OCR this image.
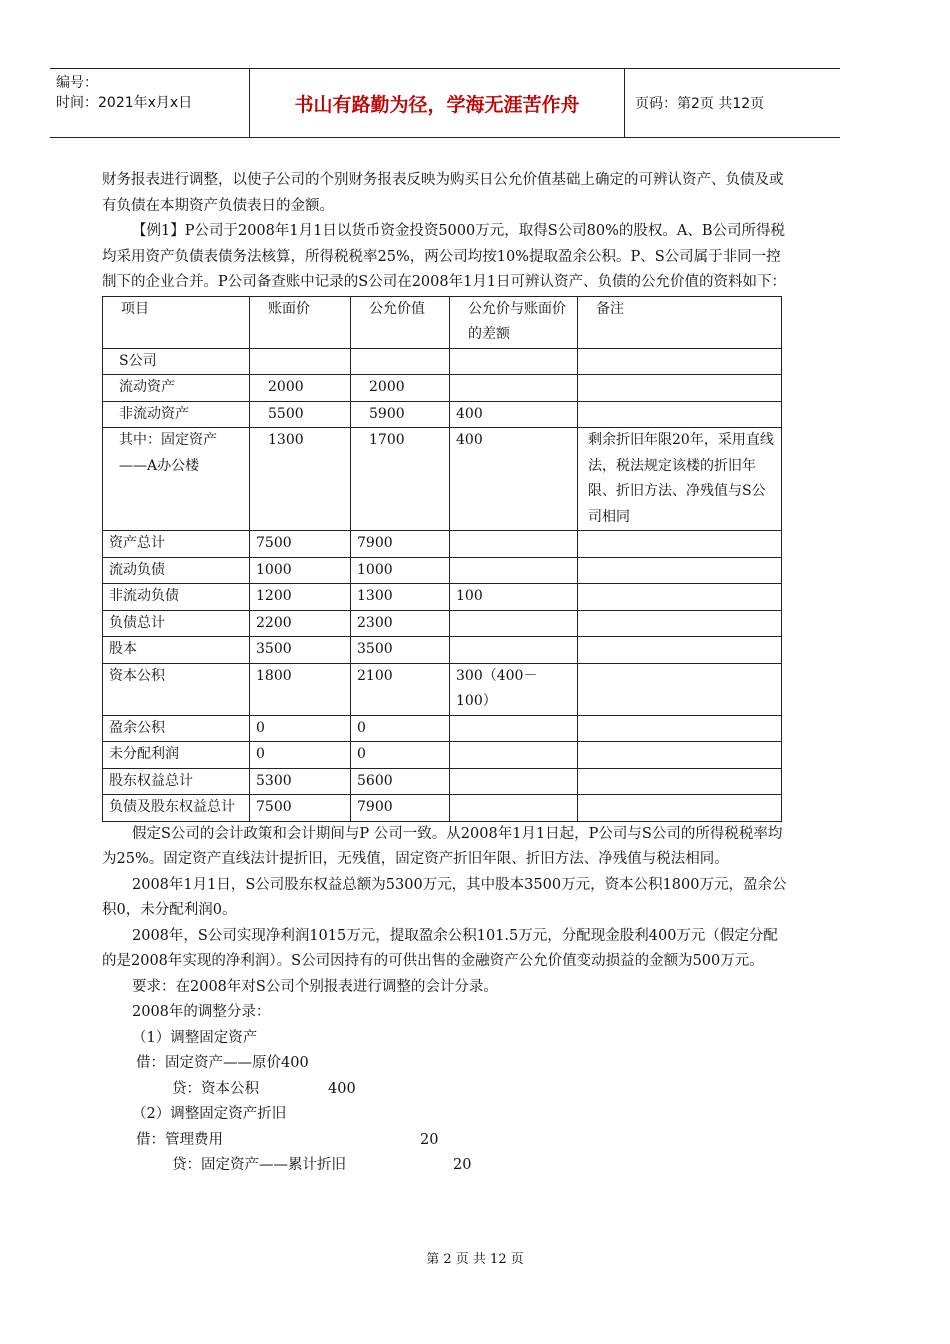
编号：
时间：2021年x月x日	书山有路勤为径，学海无涯苦作舟	页码：第2页 共12页

财务报表进行调整，以使子公司的个别财务报表反映为购买日公允价值基础上确定的可辨认资产、负债及或有负债在本期资产负债表日的金额。

【例1】P公司于2008年1月1日以货币资金投资5000万元，取得S公司80%的股权。A、B公司所得税均采用资产负债表债务法核算，所得税税率25%，两公司均按10%提取盈余公积。P、S公司属于非同一控制下的企业合并。P公司备查账中记录的S公司在2008年1月1日可辨认资产、负债的公允价值的资料如下：

项目	账面价	公允价值	公允价与账面价的差额	备注
S公司				
流动资产	2000	2000		
非流动资产	5500	5900	400	
其中：固定资产——A办公楼	1300	1700	400	剩余折旧年限20年，采用直线法，税法规定该楼的折旧年限、折旧方法、净残值与S公司相同
资产总计	7500	7900		
流动负债	1000	1000		
非流动负债	1200	1300	100	
负债总计	2200	2300		
股本	3500	3500		
资本公积	1800	2100	300（400－100）	
盈余公积	0	0		
未分配利润	0	0		
股东权益总计	5300	5600		
负债及股东权益总计	7500	7900		

假定S公司的会计政策和会计期间与P 公司一致。从2008年1月1日起，P公司与S公司的所得税税率均为25%。固定资产直线法计提折旧，无残值，固定资产折旧年限、折旧方法、净残值与税法相同。

2008年1月1日，S公司股东权益总额为5300万元，其中股本3500万元，资本公积1800万元，盈余公积0，未分配利润0。

2008年，S公司实现净利润1015万元，提取盈余公积101.5万元，分配现金股利400万元（假定分配的是2008年实现的净利润）。S公司因持有的可供出售的金融资产公允价值变动损益的金额为500万元。

要求：在2008年对S公司个别报表进行调整的会计分录。

2008年的调整分录：

（1）调整固定资产

借：固定资产——原价400

贷：资本公积	400

（2）调整固定资产折旧

借：管理费用	20
贷：固定资产——累计折旧	20
第 2 页 共 12 页
